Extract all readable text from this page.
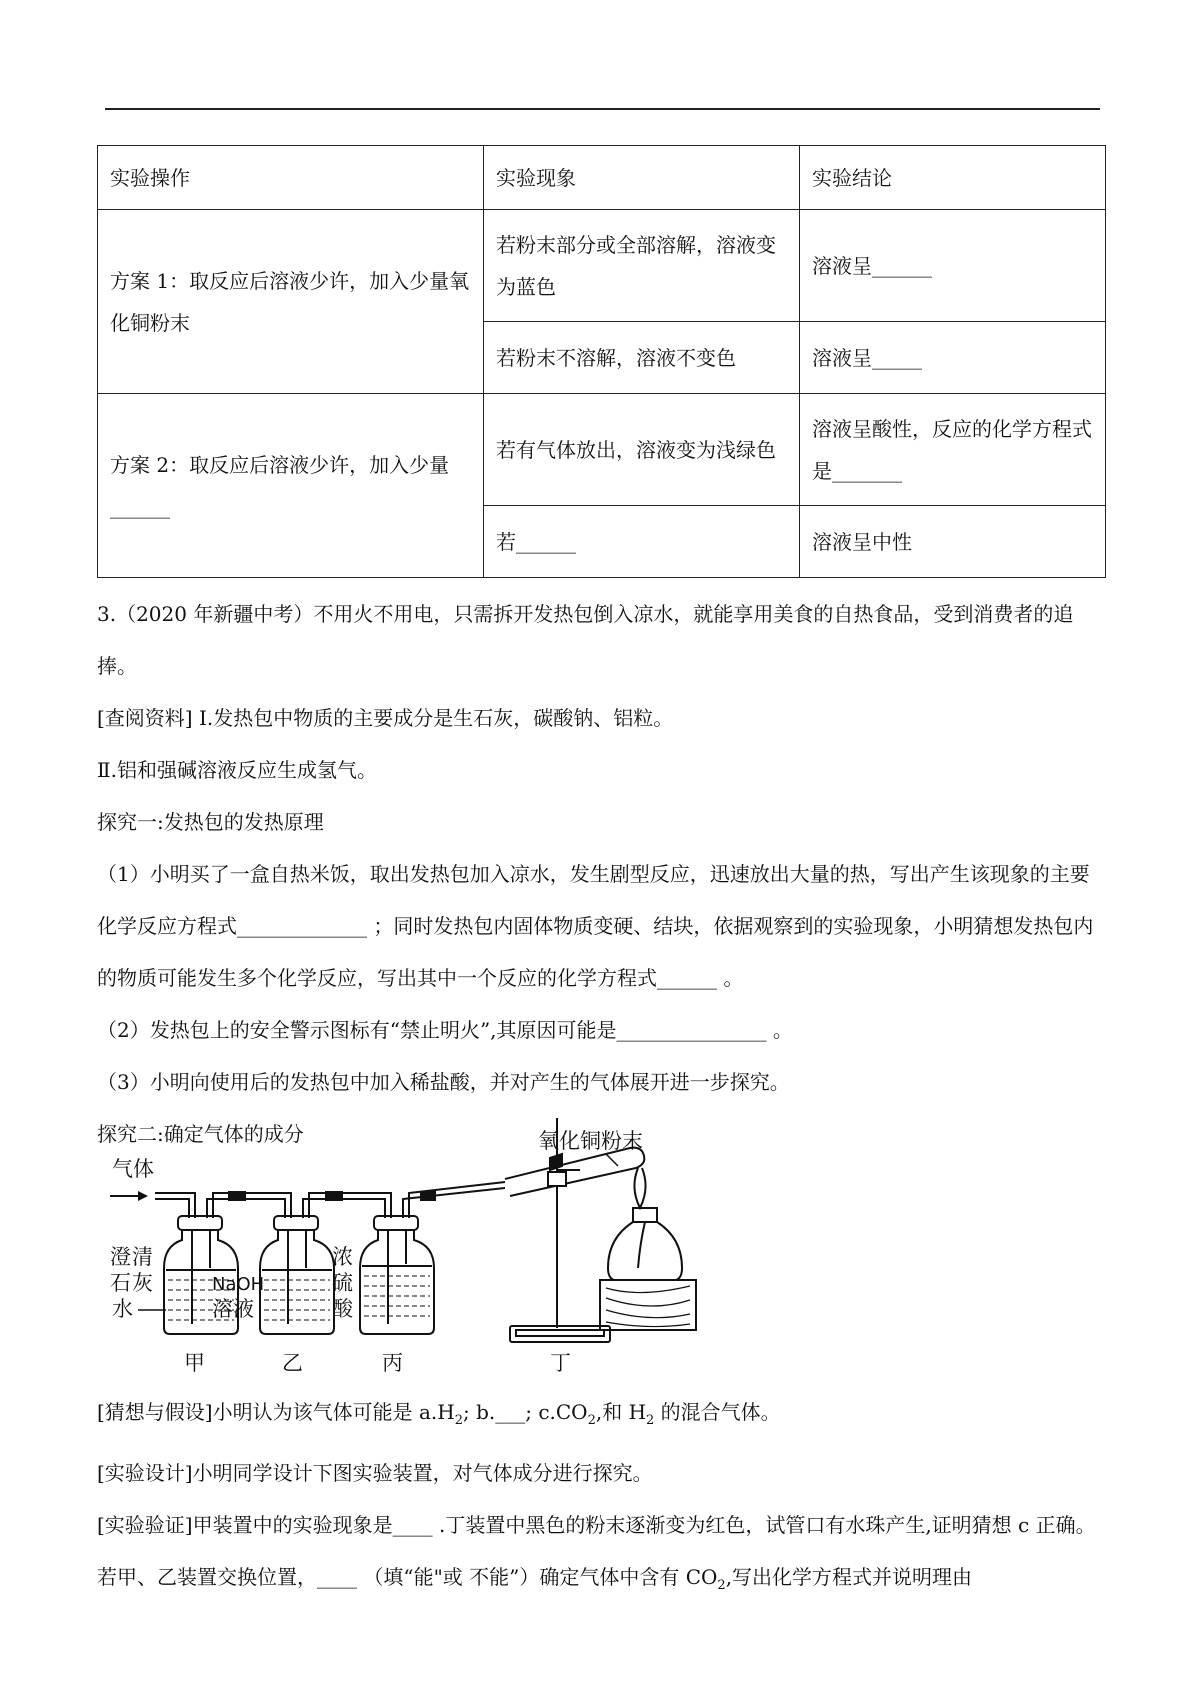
实验操作	实验现象	实验结论
方案 1：取反应后溶液少许，加入少量氧化铜粉末	若粉末部分或全部溶解，溶液变为蓝色	溶液呈______
	若粉末不溶解，溶液不变色	溶液呈_____
方案 2：取反应后溶液少许，加入少量______	若有气体放出，溶液变为浅绿色	溶液呈酸性，反应的化学方程式是_______
	若______	溶液呈中性

3.（2020 年新疆中考）不用火不用电，只需拆开发热包倒入凉水，就能享用美食的自热食品，受到消费者的追捧。

[查阅资料] I.发热包中物质的主要成分是生石灰，碳酸钠、铝粒。

Ⅱ.铝和强碱溶液反应生成氢气。

探究一:发热包的发热原理

（1）小明买了一盒自热米饭，取出发热包加入凉水，发生剧型反应，迅速放出大量的热，写出产生该现象的主要化学反应方程式_____________ ；同时发热包内固体物质变硬、结块，依据观察到的实验现象，小明猜想发热包内的物质可能发生多个化学反应，写出其中一个反应的化学方程式______ 。

（2）发热包上的安全警示图标有“禁止明火”,其原因可能是_______________ 。

（3）小明向使用后的发热包中加入稀盐酸，并对产生的气体展开进一步探究。

探究二:确定气体的成分

气体
澄 清
石 灰
水
NaOH
溶液
浓
硫
酸
氧化铜粉末
甲	乙	丙	丁

[猜想与假设]小明认为该气体可能是 $a.H_2$; b.___; $c.CO_2$,和 $H_2$ 的混合气体。

[实验设计]小明同学设计下图实验装置，对气体成分进行探究。

[实验验证]甲装置中的实验现象是____ .丁装置中黑色的粉末逐渐变为红色，试管口有水珠产生,证明猜想 c 正确。若甲、乙装置交换位置，____ （填“能"或 不能”）确定气体中含有 $CO_2$,写出化学方程式并说明理由
